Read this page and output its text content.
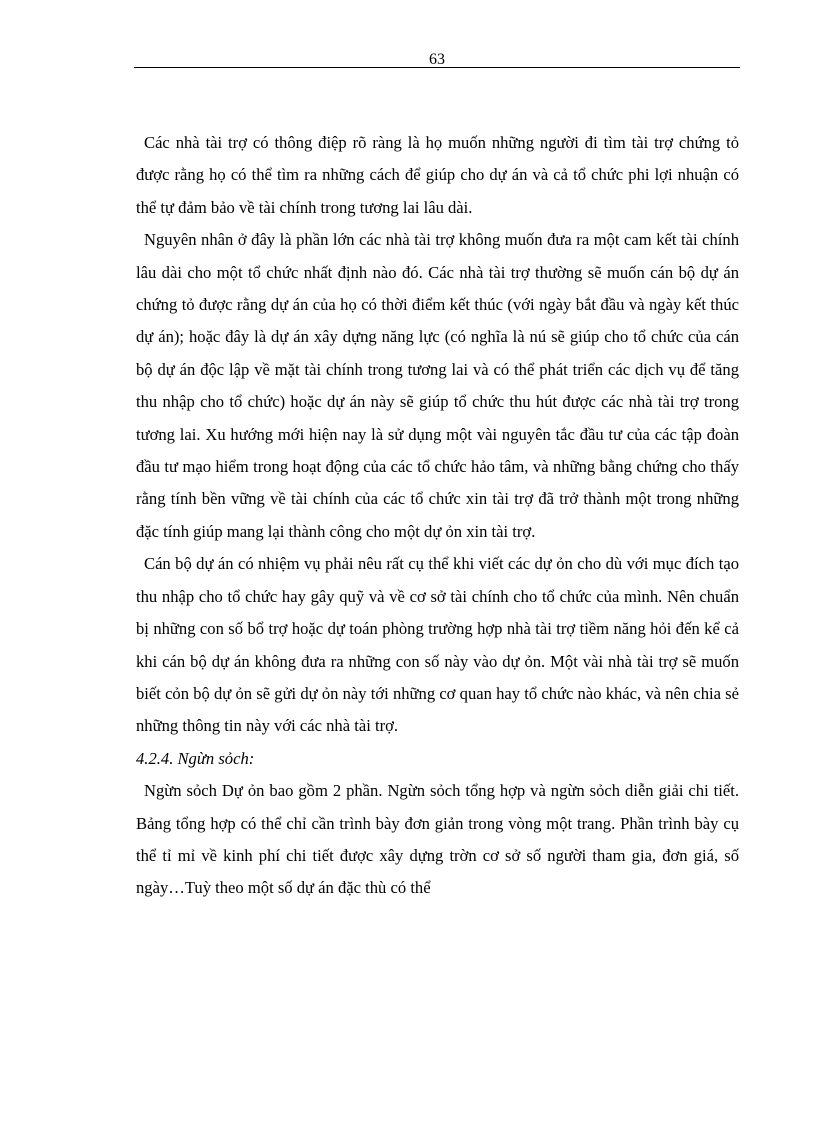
63

Các nhà tài trợ có thông điệp rõ ràng là họ muốn những người đi tìm tài trợ chứng tỏ được rằng họ có thể tìm ra những cách để giúp cho dự án và cả tổ chức phi lợi nhuận có thể tự đảm bảo về tài chính trong tương lai lâu dài.

Nguyên nhân ở đây là phần lớn các nhà tài trợ không muốn đưa ra một cam kết tài chính lâu dài cho một tổ chức nhất định nào đó. Các nhà tài trợ thường sẽ muốn cán bộ dự án chứng tỏ được rằng dự án của họ có thời điểm kết thúc (với ngày bắt đầu và ngày kết thúc dự án); hoặc đây là dự án xây dựng năng lực (có nghĩa là nú sẽ giúp cho tổ chức của cán bộ dự án độc lập về mặt tài chính trong tương lai và có thể phát triển các dịch vụ để tăng thu nhập cho tổ chức) hoặc dự án này sẽ giúp tổ chức thu hút được các nhà tài trợ trong tương lai. Xu hướng mới hiện nay là sử dụng một vài nguyên tắc đầu tư của các tập đoàn đầu tư mạo hiểm trong hoạt động của các tổ chức hảo tâm, và những bằng chứng cho thấy rằng tính bền vững về tài chính của các tổ chức xin tài trợ đã trở thành một trong những đặc tính giúp mang lại thành công cho một dự ỏn xin tài trợ.

Cán bộ dự án có nhiệm vụ phải nêu rất cụ thể khi viết các dự ỏn cho dù với mục đích tạo thu nhập cho tổ chức hay gây quỹ và về cơ sở tài chính cho tổ chức của mình. Nên chuẩn bị những con số bổ trợ hoặc dự toán phòng trường hợp nhà tài trợ tiềm năng hỏi đến kể cả khi cán bộ dự án không đưa ra những con số này vào dự ỏn. Một vài nhà tài trợ sẽ muốn biết cỏn bộ dự ỏn sẽ gửi dự ỏn này tới những cơ quan hay tổ chức nào khác, và nên chia sẻ những thông tin này với các nhà tài trợ.

4.2.4. Ngừn sỏch:

Ngừn sỏch Dự ỏn bao gồm 2 phần. Ngừn sỏch tổng hợp và ngừn sỏch diễn giải chi tiết. Bảng tổng hợp có thể chỉ cần trình bày đơn giản trong vòng một trang. Phần trình bày cụ thể tỉ mỉ về kinh phí chi tiết được xây dựng trờn cơ sở số người tham gia, đơn giá, số ngày…Tuỳ theo một số dự án đặc thù có thể
